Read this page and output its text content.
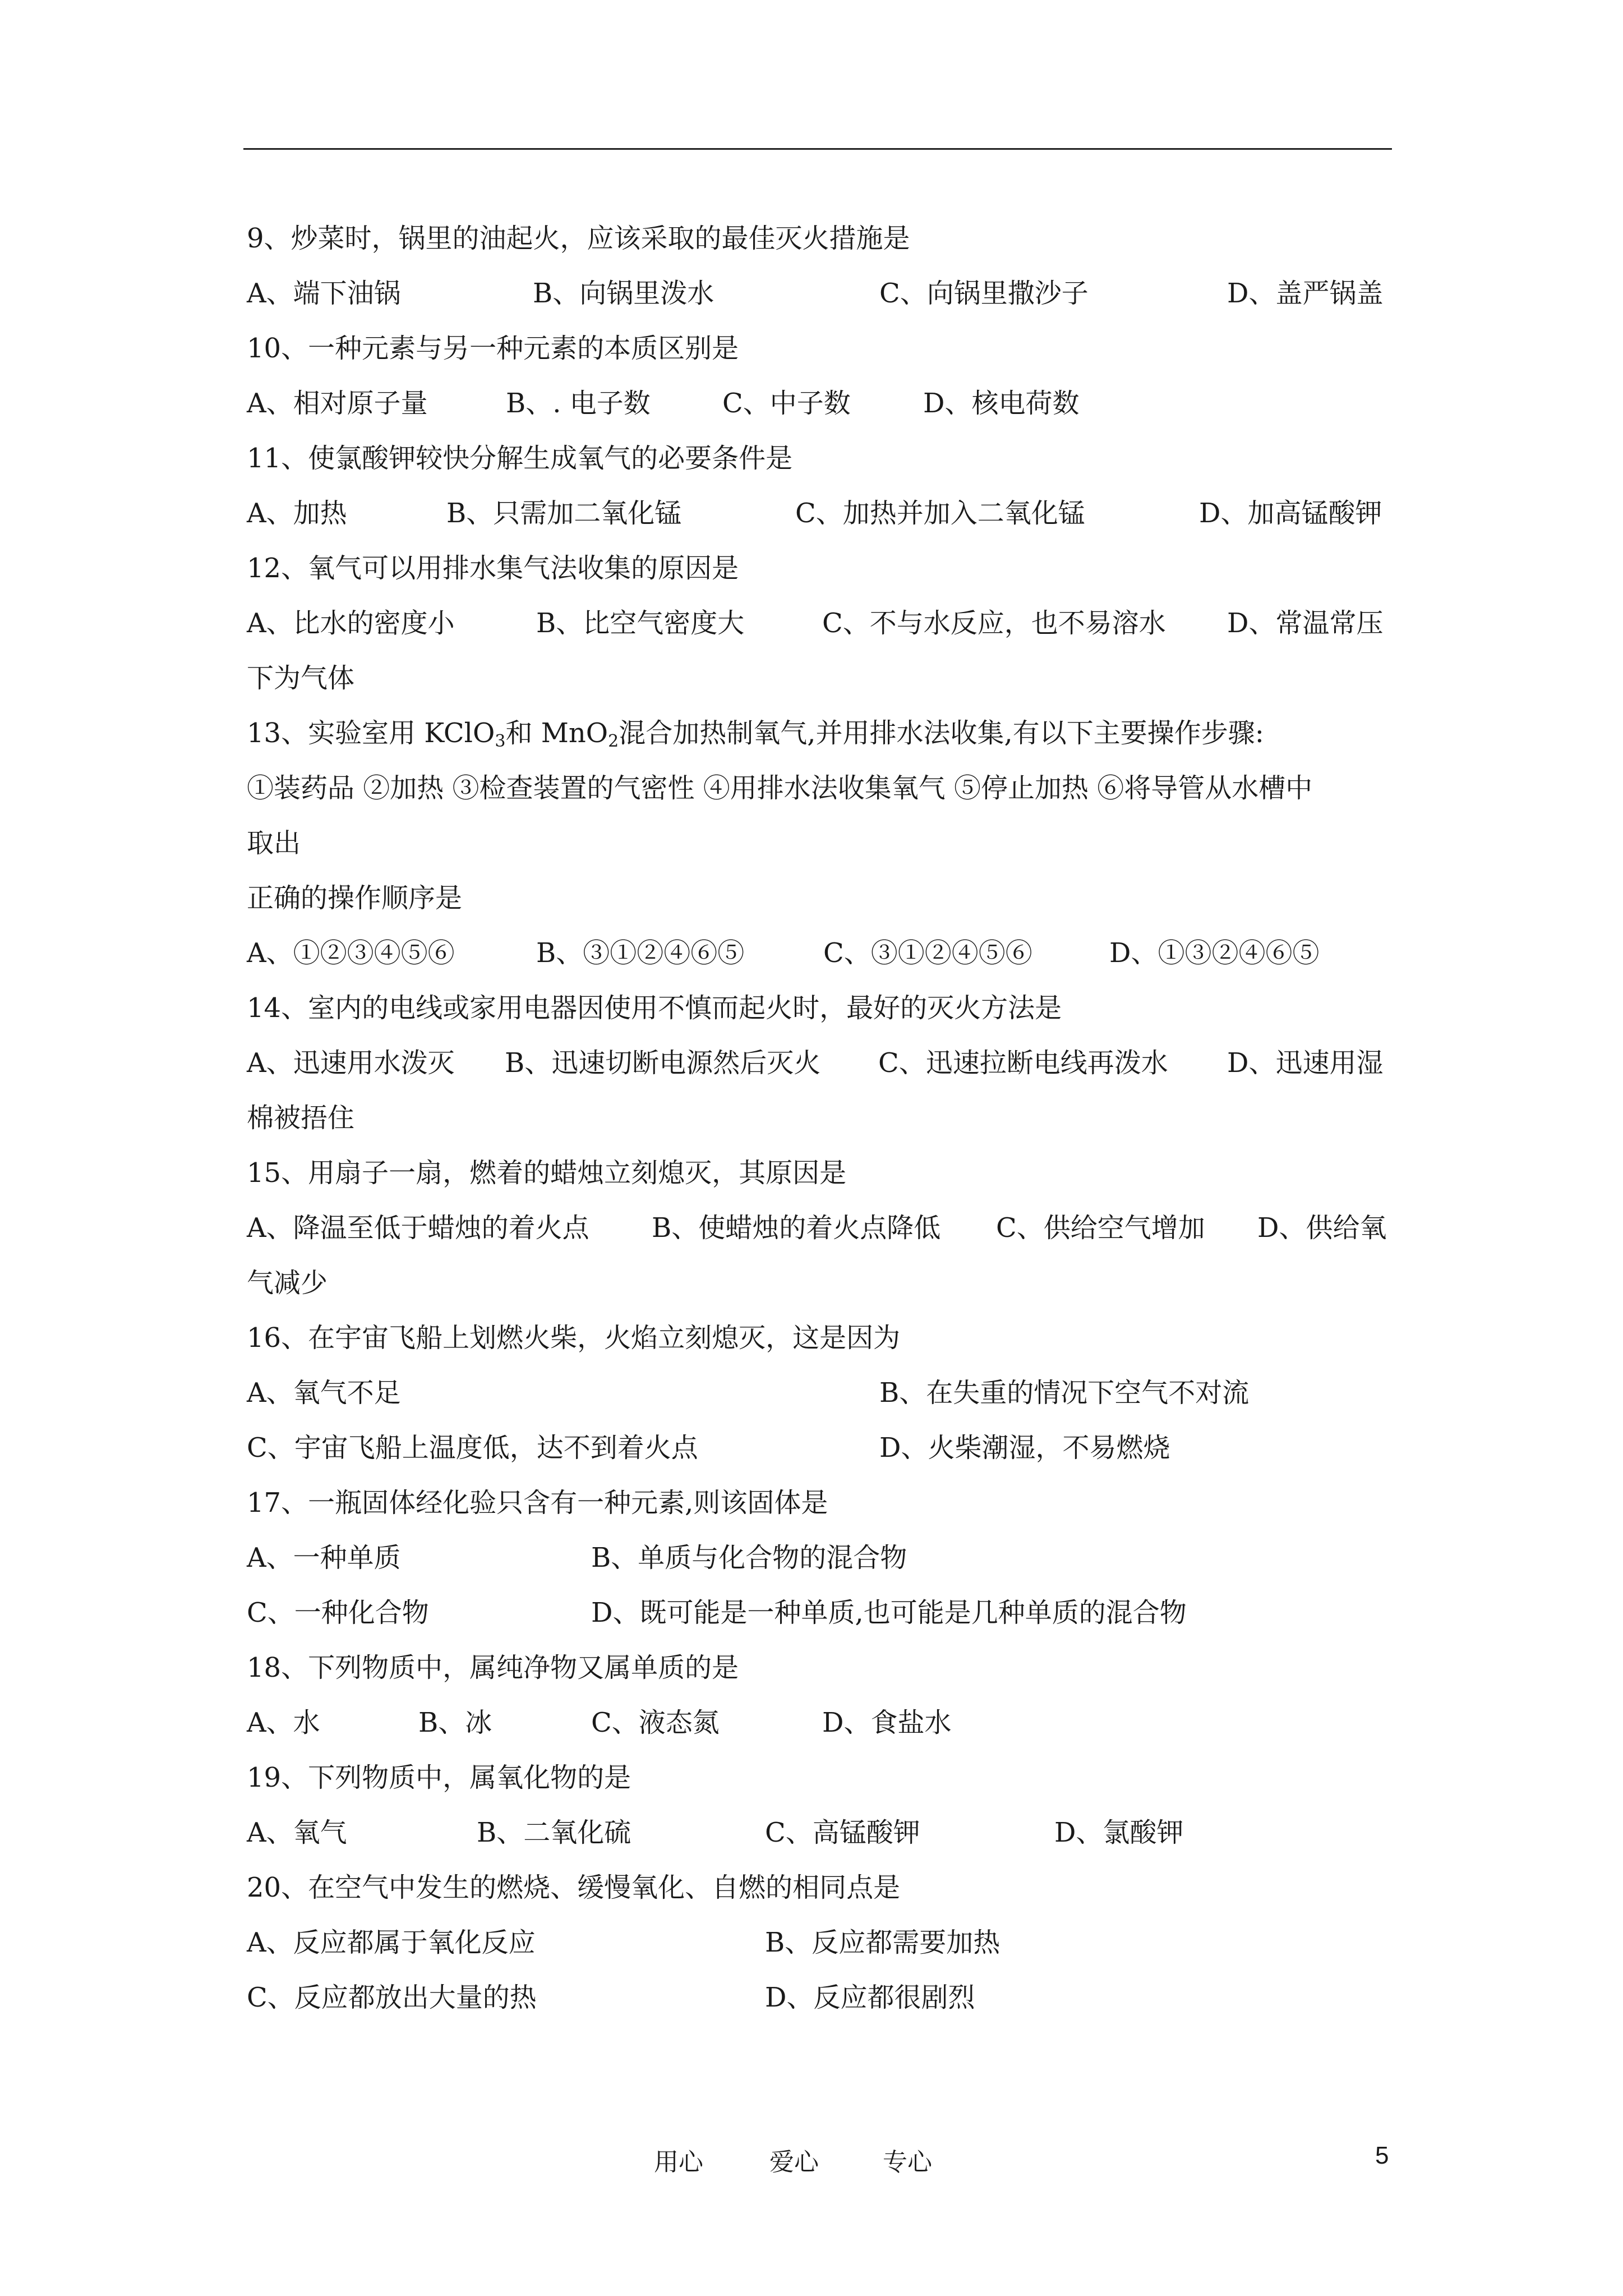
9、炒菜时，锅里的油起火，应该采取的最佳灭火措施是
A、端下油锅	B、向锅里泼水	C、向锅里撒沙子	D、盖严锅盖
10、一种元素与另一种元素的本质区别是
A、相对原子量	B、. 电子数	C、中子数	D、核电荷数
11、使氯酸钾较快分解生成氧气的必要条件是
A、加热	B、只需加二氧化锰	C、加热并加入二氧化锰	D、加高锰酸钾
12、氧气可以用排水集气法收集的原因是
A、比水的密度小	B、比空气密度大	C、不与水反应，也不易溶水 D、常温常压
下为气体
13、实验室用 KClO$_3$和 MnO$_2$混合加热制氧气,并用排水法收集,有以下主要操作步骤:
①装药品 ②加热 ③检查装置的气密性 ④用排水法收集氧气 ⑤停止加热 ⑥将导管从水槽中
取出
正确的操作顺序是
A、①②③④⑤⑥	B、③①②④⑥⑤	C、③①②④⑤⑥	D、①③②④⑥⑤
14、室内的电线或家用电器因使用不慎而起火时，最好的灭火方法是
A、迅速用水泼灭 B、迅速切断电源然后灭火 C、迅速拉断电线再泼水 D、迅速用湿
棉被捂住
15、用扇子一扇，燃着的蜡烛立刻熄灭，其原因是
A、降温至低于蜡烛的着火点 B、使蜡烛的着火点降低 C、供给空气增加 D、供给氧
气减少
16、在宇宙飞船上划燃火柴，火焰立刻熄灭，这是因为
A、氧气不足	B、在失重的情况下空气不对流
C、宇宙飞船上温度低，达不到着火点	D、火柴潮湿，不易燃烧
17、一瓶固体经化验只含有一种元素,则该固体是
A、一种单质	B、单质与化合物的混合物
C、一种化合物	D、既可能是一种单质,也可能是几种单质的混合物
18、下列物质中，属纯净物又属单质的是
A、水	B、冰	C、液态氮	D、食盐水
19、下列物质中，属氧化物的是
A、氧气	B、二氧化硫	C、高锰酸钾	D、氯酸钾
20、在空气中发生的燃烧、缓慢氧化、自燃的相同点是
A、反应都属于氧化反应	B、反应都需要加热
C、反应都放出大量的热	D、反应都很剧烈
用心	爱心	专心	5
